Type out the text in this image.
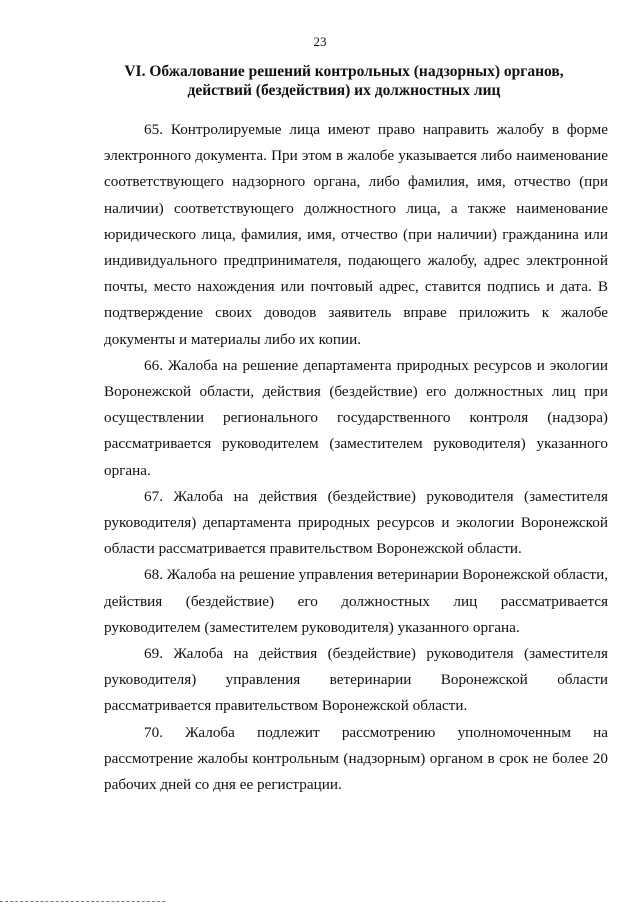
23
VI. Обжалование решений контрольных (надзорных) органов,
действий (бездействия) их должностных лиц

65. Контролируемые лица имеют право направить жалобу в форме электронного документа. При этом в жалобе указывается либо наименование соответствующего надзорного органа, либо фамилия, имя, отчество (при наличии) соответствующего должностного лица, а также наименование юридического лица, фамилия, имя, отчество (при наличии) гражданина или индивидуального предпринимателя, подающего жалобу, адрес электронной почты, место нахождения или почтовый адрес, ставится подпись и дата. В подтверждение своих доводов заявитель вправе приложить к жалобе документы и материалы либо их копии.

66. Жалоба на решение департамента природных ресурсов и экологии Воронежской области, действия (бездействие) его должностных лиц при осуществлении регионального государственного контроля (надзора) рассматривается руководителем (заместителем руководителя) указанного органа.

67. Жалоба на действия (бездействие) руководителя (заместителя руководителя) департамента природных ресурсов и экологии Воронежской области рассматривается правительством Воронежской области.

68. Жалоба на решение управления ветеринарии Воронежской области, действия (бездействие) его должностных лиц рассматривается руководителем (заместителем руководителя) указанного органа.

69. Жалоба на действия (бездействие) руководителя (заместителя руководителя) управления ветеринарии Воронежской области рассматривается правительством Воронежской области.

70. Жалоба подлежит рассмотрению уполномоченным на рассмотрение жалобы контрольным (надзорным) органом в срок не более 20 рабочих дней со дня ее регистрации.
